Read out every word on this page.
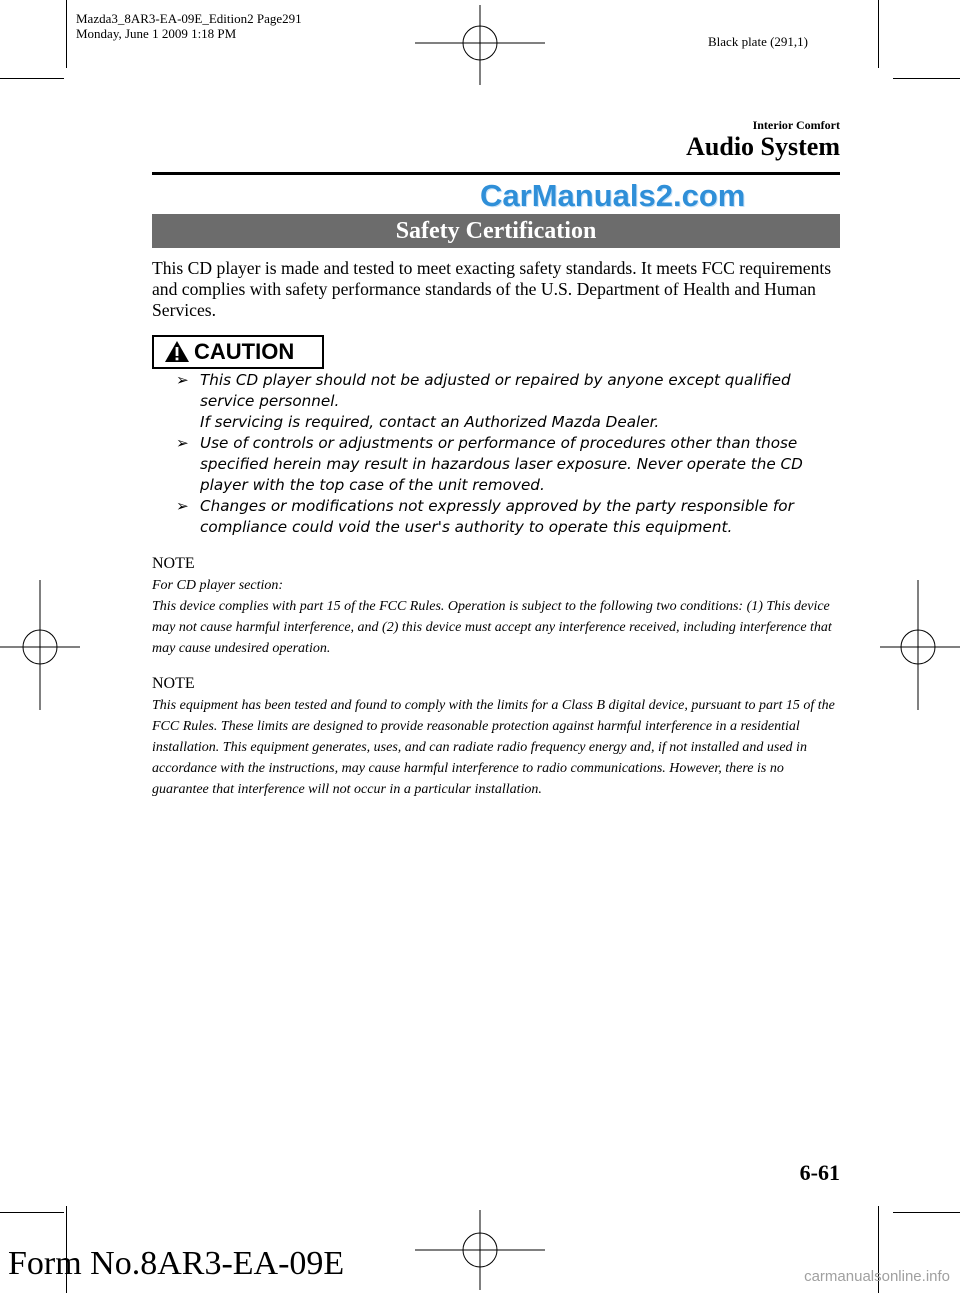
Mazda3_8AR3-EA-09E_Edition2 Page291
Monday, June 1 2009 1:18 PM
Black plate (291,1)
Interior Comfort
Audio System
CarManuals2.com
Safety Certification
This CD player is made and tested to meet exacting safety standards. It meets FCC requirements and complies with safety performance standards of the U.S. Department of Health and Human Services.
CAUTION

➢ This CD player should not be adjusted or repaired by anyone except qualified service personnel.
If servicing is required, contact an Authorized Mazda Dealer.

➢ Use of controls or adjustments or performance of procedures other than those specified herein may result in hazardous laser exposure. Never operate the CD player with the top case of the unit removed.

➢ Changes or modifications not expressly approved by the party responsible for compliance could void the user's authority to operate this equipment.

NOTE
For CD player section:
This device complies with part 15 of the FCC Rules. Operation is subject to the following two conditions: (1) This device may not cause harmful interference, and (2) this device must accept any interference received, including interference that may cause undesired operation.
NOTE
This equipment has been tested and found to comply with the limits for a Class B digital device, pursuant to part 15 of the FCC Rules. These limits are designed to provide reasonable protection against harmful interference in a residential installation. This equipment generates, uses, and can radiate radio frequency energy and, if not installed and used in accordance with the instructions, may cause harmful interference to radio communications. However, there is no guarantee that interference will not occur in a particular installation.
6-61
Form No.8AR3-EA-09E	carmanualsonline.info
